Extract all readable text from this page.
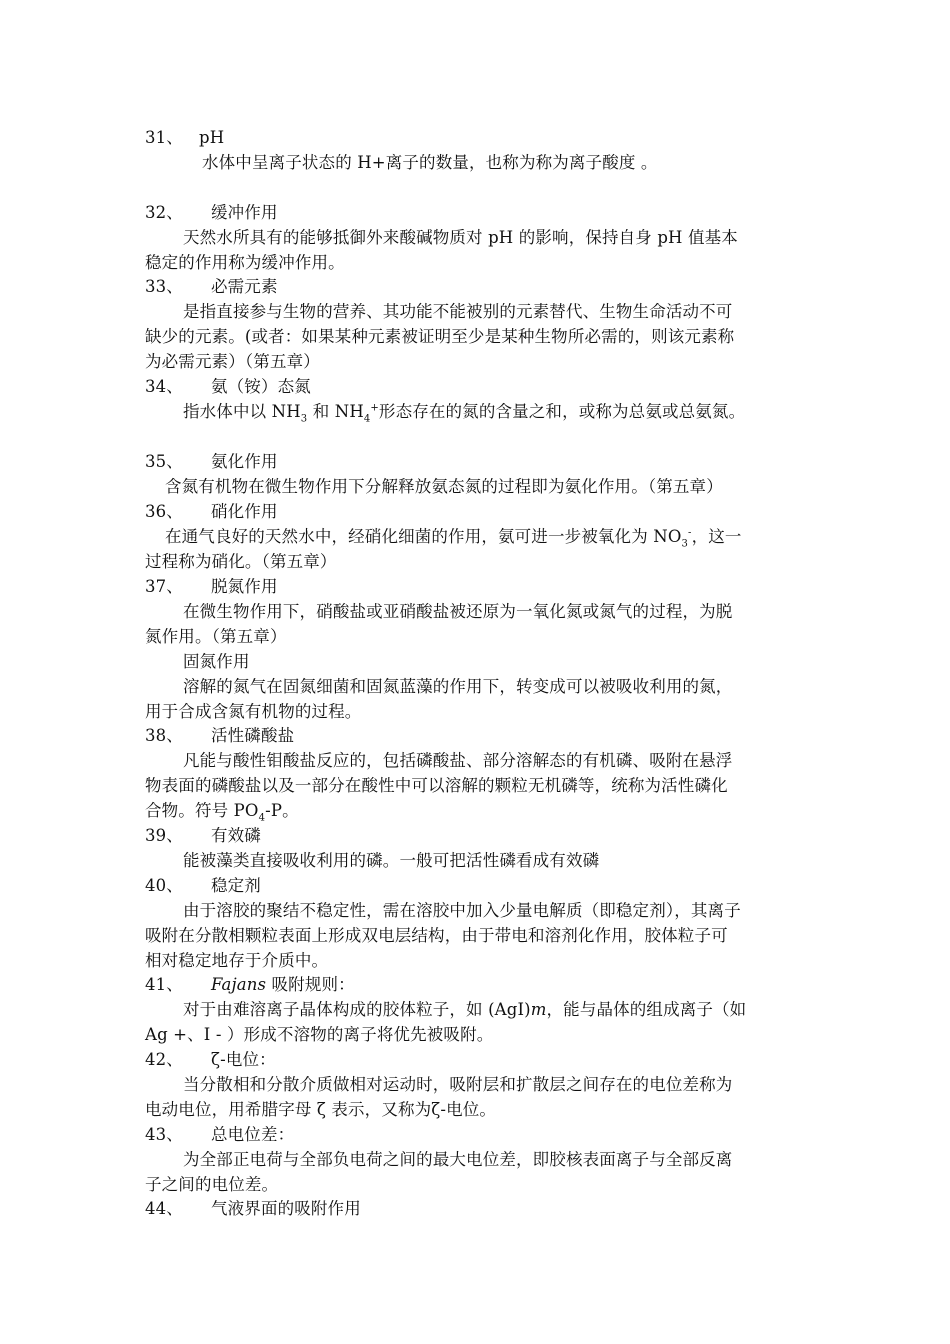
31、 pH
水体中呈离子状态的 H+离子的数量，也称为称为离子酸度 。
32、 缓冲作用
天然水所具有的能够抵御外来酸碱物质对 pH 的影响，保持自身 pH 值基本
稳定的作用称为缓冲作用。
33、 必需元素
是指直接参与生物的营养、其功能不能被别的元素替代、生物生命活动不可
缺少的元素。(或者：如果某种元素被证明至少是某种生物所必需的，则该元素称
为必需元素）（第五章）
34、 氨（铵）态氮
指水体中以 $NH_3$ 和 $NH_4^+$形态存在的氮的含量之和，或称为总氨或总氨氮。
35、 氨化作用
含氮有机物在微生物作用下分解释放氨态氮的过程即为氨化作用。（第五章）
36、 硝化作用
在通气良好的天然水中，经硝化细菌的作用，氨可进一步被氧化为 $NO_3^-$，这一
过程称为硝化。（第五章）
37、 脱氮作用
在微生物作用下，硝酸盐或亚硝酸盐被还原为一氧化氮或氮气的过程，为脱
氮作用。（第五章）
固氮作用
溶解的氮气在固氮细菌和固氮蓝藻的作用下，转变成可以被吸收利用的氮，
用于合成含氮有机物的过程。
38、 活性磷酸盐
凡能与酸性钼酸盐反应的，包括磷酸盐、部分溶解态的有机磷、吸附在悬浮
物表面的磷酸盐以及一部分在酸性中可以溶解的颗粒无机磷等，统称为活性磷化
合物。符号 $PO_4-P$。
39、 有效磷
能被藻类直接吸收利用的磷。一般可把活性磷看成有效磷
40、 稳定剂
由于溶胶的聚结不稳定性，需在溶胶中加入少量电解质（即稳定剂），其离子
吸附在分散相颗粒表面上形成双电层结构，由于带电和溶剂化作用，胶体粒子可
相对稳定地存于介质中。
41、 Fajans 吸附规则：
对于由难溶离子晶体构成的胶体粒子，如 (AgI)m，能与晶体的组成离子（如
Ag +、I - ）形成不溶物的离子将优先被吸附。
42、 ζ-电位：
当分散相和分散介质做相对运动时，吸附层和扩散层之间存在的电位差称为
电动电位，用希腊字母 ζ 表示，又称为ζ-电位。
43、 总电位差：
为全部正电荷与全部负电荷之间的最大电位差，即胶核表面离子与全部反离
子之间的电位差。
44、 气液界面的吸附作用
